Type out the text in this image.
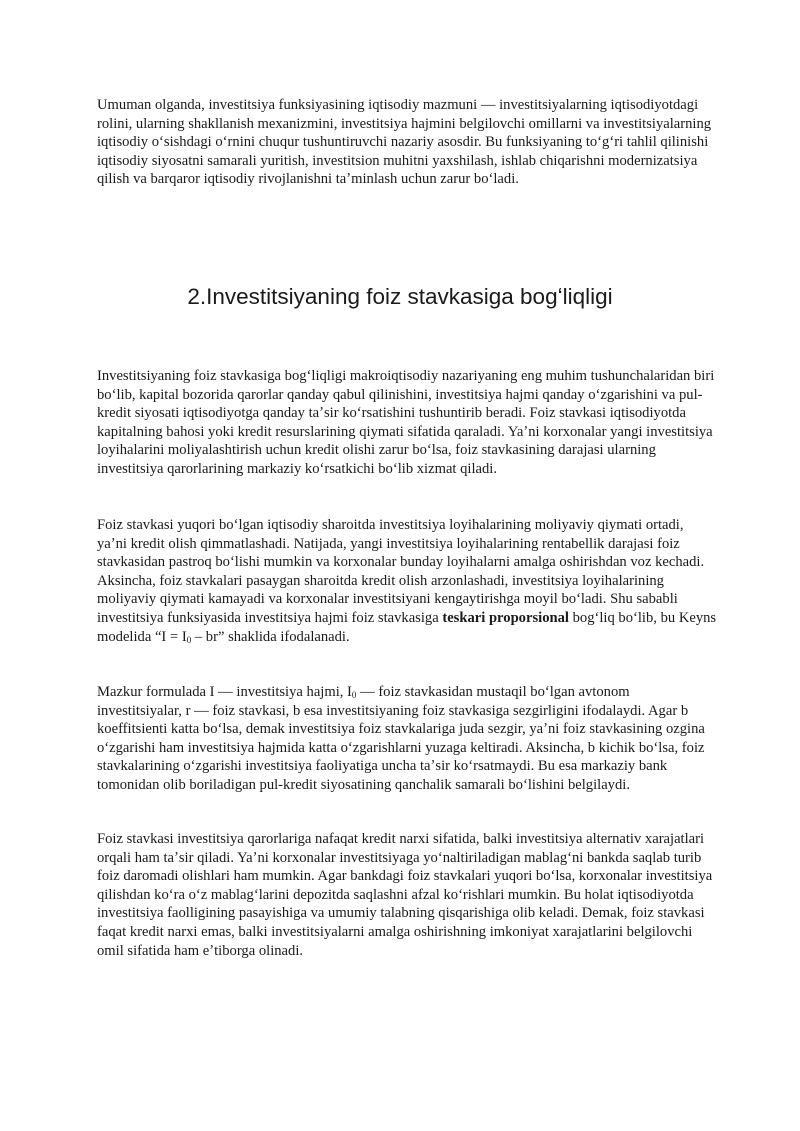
Umuman olganda, investitsiya funksiyasining iqtisodiy mazmuni — investitsiyalarning iqtisodiyotdagi rolini, ularning shakllanish mexanizmini, investitsiya hajmini belgilovchi omillarni va investitsiyalarning iqtisodiy oʻsishdagi oʻrnini chuqur tushuntiruvchi nazariy asosdir. Bu funksiyaning toʻgʻri tahlil qilinishi iqtisodiy siyosatni samarali yuritish, investitsion muhitni yaxshilash, ishlab chiqarishni modernizatsiya qilish va barqaror iqtisodiy rivojlanishni taʼminlash uchun zarur boʻladi.

2.Investitsiyaning foiz stavkasiga bogʻliqligi

Investitsiyaning foiz stavkasiga bogʻliqligi makroiqtisodiy nazariyaning eng muhim tushunchalaridan biri boʻlib, kapital bozorida qarorlar qanday qabul qilinishini, investitsiya hajmi qanday oʻzgarishini va pul-kredit siyosati iqtisodiyotga qanday taʼsir koʻrsatishini tushuntirib beradi. Foiz stavkasi iqtisodiyotda kapitalning bahosi yoki kredit resurslarining qiymati sifatida qaraladi. Yaʼni korxonalar yangi investitsiya loyihalarini moliyalashtirish uchun kredit olishi zarur boʻlsa, foiz stavkasining darajasi ularning investitsiya qarorlarining markaziy koʻrsatkichi boʻlib xizmat qiladi.

Foiz stavkasi yuqori boʻlgan iqtisodiy sharoitda investitsiya loyihalarining moliyaviy qiymati ortadi, yaʼni kredit olish qimmatlashadi. Natijada, yangi investitsiya loyihalarining rentabellik darajasi foiz stavkasidan pastroq boʻlishi mumkin va korxonalar bunday loyihalarni amalga oshirishdan voz kechadi. Aksincha, foiz stavkalari pasaygan sharoitda kredit olish arzonlashadi, investitsiya loyihalarining moliyaviy qiymati kamayadi va korxonalar investitsiyani kengaytirishga moyil boʻladi. Shu sababli investitsiya funksiyasida investitsiya hajmi foiz stavkasiga teskari proporsional bogʻliq boʻlib, bu Keyns modelida “$I = I_0$ – br” shaklida ifodalanadi.

Mazkur formulada I — investitsiya hajmi, $I_0$ — foiz stavkasidan mustaqil boʻlgan avtonom investitsiyalar, r — foiz stavkasi, b esa investitsiyaning foiz stavkasiga sezgirligini ifodalaydi. Agar b koeffitsienti katta boʻlsa, demak investitsiya foiz stavkalariga juda sezgir, yaʼni foiz stavkasining ozgina oʻzgarishi ham investitsiya hajmida katta oʻzgarishlarni yuzaga keltiradi. Aksincha, b kichik boʻlsa, foiz stavkalarining oʻzgarishi investitsiya faoliyatiga uncha taʼsir koʻrsatmaydi. Bu esa markaziy bank tomonidan olib boriladigan pul-kredit siyosatining qanchalik samarali boʻlishini belgilaydi.

Foiz stavkasi investitsiya qarorlariga nafaqat kredit narxi sifatida, balki investitsiya alternativ xarajatlari orqali ham taʼsir qiladi. Yaʼni korxonalar investitsiyaga yoʻnaltiriladigan mablagʻni bankda saqlab turib foiz daromadi olishlari ham mumkin. Agar bankdagi foiz stavkalari yuqori boʻlsa, korxonalar investitsiya qilishdan koʻra oʻz mablagʻlarini depozitda saqlashni afzal koʻrishlari mumkin. Bu holat iqtisodiyotda investitsiya faolligining pasayishiga va umumiy talabning qisqarishiga olib keladi. Demak, foiz stavkasi faqat kredit narxi emas, balki investitsiyalarni amalga oshirishning imkoniyat xarajatlarini belgilovchi omil sifatida ham eʼtiborga olinadi.
